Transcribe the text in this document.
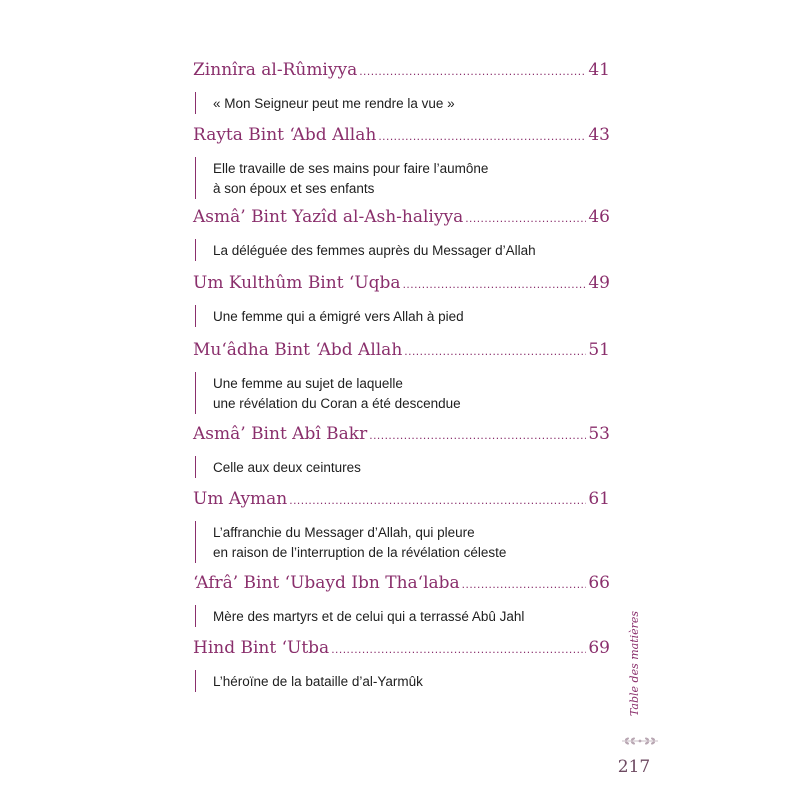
Zinnîra al-Rûmiyya .....	41
« Mon Seigneur peut me rendre la vue »
Rayta Bint ‘Abd Allah .....	43
Elle travaille de ses mains pour faire l’aumône
à son époux et ses enfants
Asmâ’ Bint Yazîd al-Ash-haliyya .....	46
La déléguée des femmes auprès du Messager d’Allah
Um Kulthûm Bint ‘Uqba .....	49
Une femme qui a émigré vers Allah à pied
Mu‘âdha Bint ‘Abd Allah .....	51
Une femme au sujet de laquelle
une révélation du Coran a été descendue
Asmâ’ Bint Abî Bakr .....	53
Celle aux deux ceintures
Um Ayman .....	61
L’affranchie du Messager d’Allah, qui pleure
en raison de l’interruption de la révélation céleste
‘Afrâ’ Bint ‘Ubayd Ibn Tha‘laba .....	66
Mère des martyrs et de celui qui a terrassé Abû Jahl
Hind Bint ‘Utba .....	69
L’héroïne de la bataille d’al-Yarmûk	Table des matières
217
